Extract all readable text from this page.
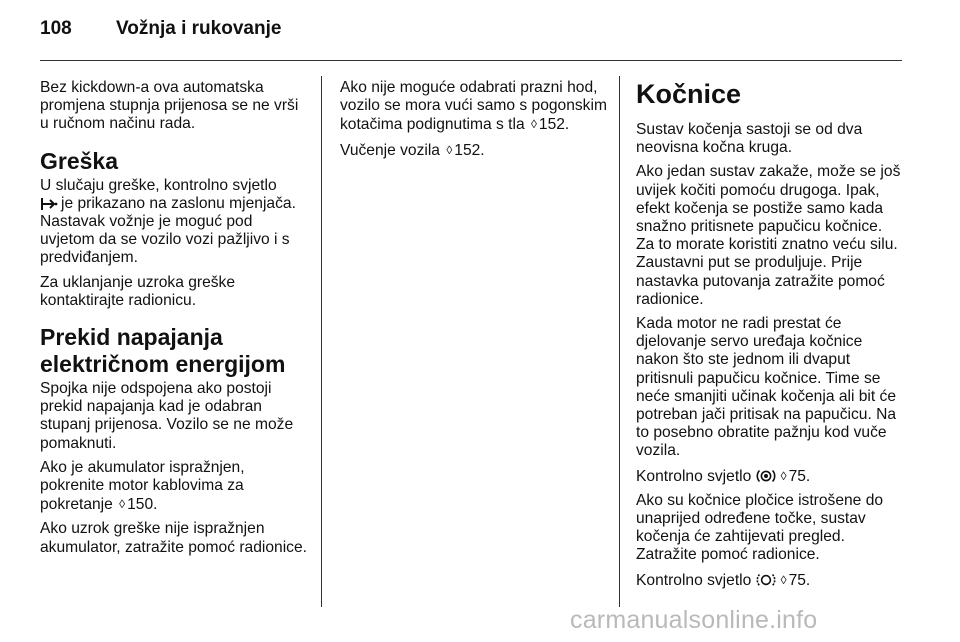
108	Vožnja i rukovanje

Bez kickdown-a ova automatska promjena stupnja prijenosa se ne vrši u ručnom načinu rada.

Greška

U slučaju greške, kontrolno svjetlo
je prikazano na zaslonu mjenjača. Nastavak vožnje je moguć pod uvjetom da se vozilo vozi pažljivo i s predviđanjem.

Za uklanjanje uzroka greške kontaktirajte radionicu.

Prekid napajanja električnom energijom

Spojka nije odspojena ako postoji prekid napajanja kad je odabran stupanj prijenosa. Vozilo se ne može pomaknuti.

Ako je akumulator ispražnjen, pokrenite motor kablovima za pokretanje ◊ 150.

Ako uzrok greške nije ispražnjen akumulator, zatražite pomoć radionice.

Ako nije moguće odabrati prazni hod, vozilo se mora vući samo s pogonskim kotačima podignutima s tla ◊ 152.

Vučenje vozila ◊ 152.

Kočnice

Sustav kočenja sastoji se od dva neovisna kočna kruga.

Ako jedan sustav zakaže, može se još uvijek kočiti pomoću drugoga. Ipak, efekt kočenja se postiže samo kada snažno pritisnete papučicu kočnice. Za to morate koristiti znatno veću silu. Zaustavni put se produljuje. Prije nastavka putovanja zatražite pomoć radionice.

Kada motor ne radi prestat će djelovanje servo uređaja kočnice nakon što ste jednom ili dvaput pritisnuli papučicu kočnice. Time se neće smanjiti učinak kočenja ali bit će potreban jači pritisak na papučicu. Na to posebno obratite pažnju kod vuče vozila.

Kontrolno svjetlo ◊ 75.

Ako su kočnice pločice istrošene do unaprijed određene točke, sustav kočenja će zahtijevati pregled. Zatražite pomoć radionice.

Kontrolno svjetlo ◊ 75.

carmanualsonline.info
